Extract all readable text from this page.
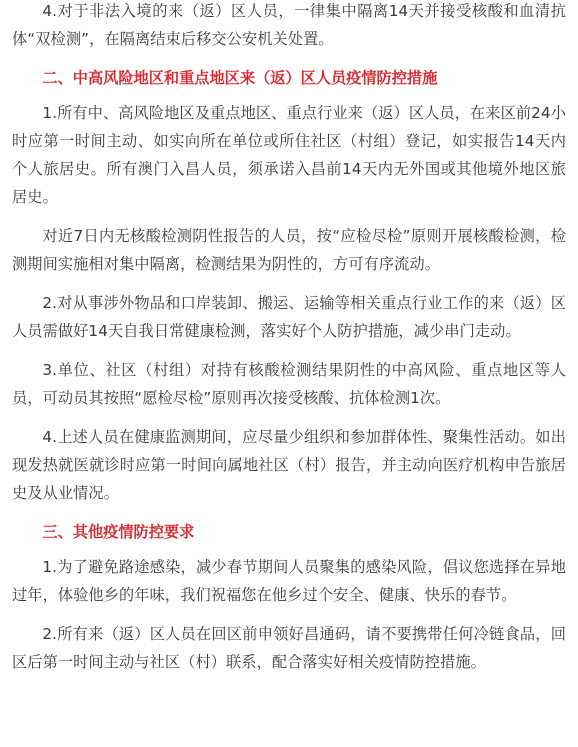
4.对于非法入境的来（返）区人员，一律集中隔离14天并接受核酸和血清抗体“双检测”，在隔离结束后移交公安机关处置。

二、中高风险地区和重点地区来（返）区人员疫情防控措施

1.所有中、高风险地区及重点地区、重点行业来（返）区人员，在来区前24小时应第一时间主动、如实向所在单位或所住社区（村组）登记，如实报告14天内个人旅居史。所有澳门入昌人员，须承诺入昌前14天内无外国或其他境外地区旅居史。

对近7日内无核酸检测阴性报告的人员，按“应检尽检”原则开展核酸检测，检测期间实施相对集中隔离，检测结果为阴性的，方可有序流动。

2.对从事涉外物品和口岸装卸、搬运、运输等相关重点行业工作的来（返）区人员需做好14天自我日常健康检测，落实好个人防护措施，减少串门走动。

3.单位、社区（村组）对持有核酸检测结果阴性的中高风险、重点地区等人员，可动员其按照“愿检尽检”原则再次接受核酸、抗体检测1次。

4.上述人员在健康监测期间，应尽量少组织和参加群体性、聚集性活动。如出现发热就医就诊时应第一时间向属地社区（村）报告，并主动向医疗机构申告旅居史及从业情况。

三、其他疫情防控要求

1.为了避免路途感染，减少春节期间人员聚集的感染风险，倡议您选择在异地过年，体验他乡的年味，我们祝福您在他乡过个安全、健康、快乐的春节。

2.所有来（返）区人员在回区前申领好昌通码，请不要携带任何冷链食品，回区后第一时间主动与社区（村）联系，配合落实好相关疫情防控措施。
